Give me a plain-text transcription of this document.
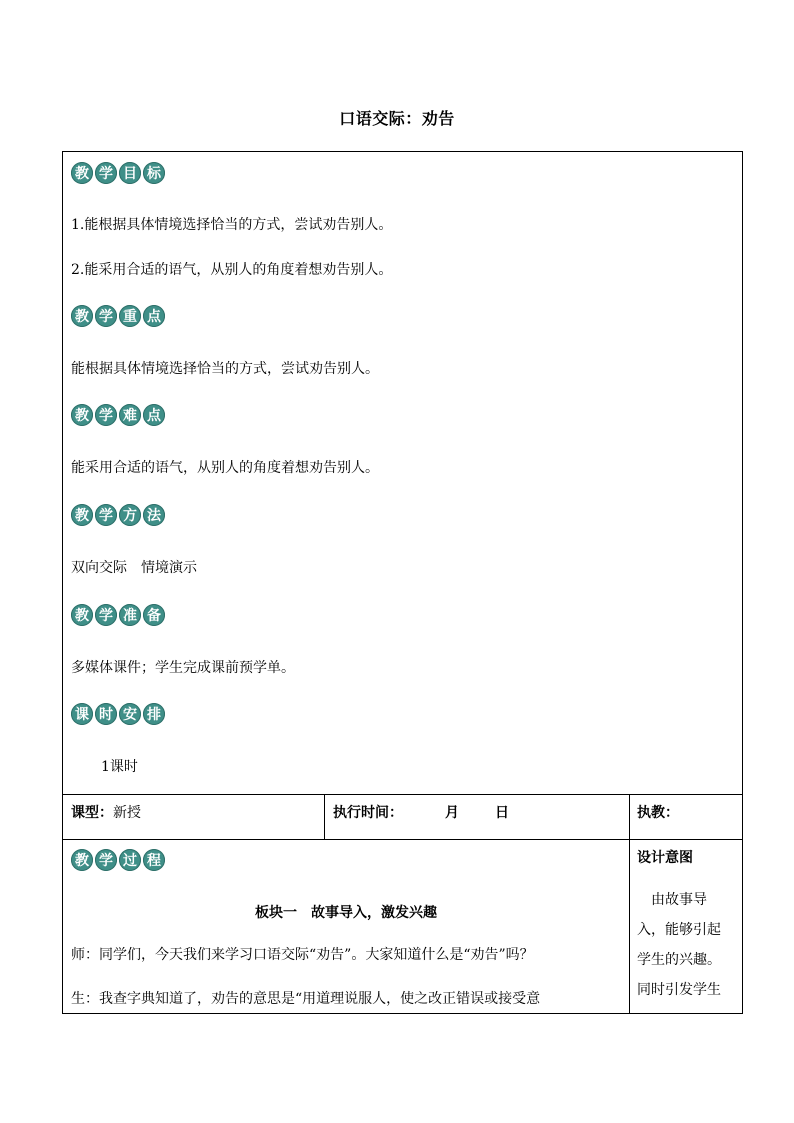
口语交际：劝告
教 学 目 标
1.能根据具体情境选择恰当的方式，尝试劝告别人。
2.能采用合适的语气，从别人的角度着想劝告别人。
教 学 重 点
能根据具体情境选择恰当的方式，尝试劝告别人。
教 学 难 点
能采用合适的语气，从别人的角度着想劝告别人。
教 学 方 法
双向交际　情境演示
教 学 准 备
多媒体课件；学生完成课前预学单。
课 时 安 排
1课时
课型：新授	执行时间：	月	日	执教：
教 学 过 程
板块一　故事导入，激发兴趣
师：同学们，今天我们来学习口语交际“劝告”。大家知道什么是“劝告”吗？
生：我查字典知道了，劝告的意思是“用道理说服人，使之改正错误或接受意
设计意图
　由故事导
入，能够引起
学生的兴趣。
同时引发学生
